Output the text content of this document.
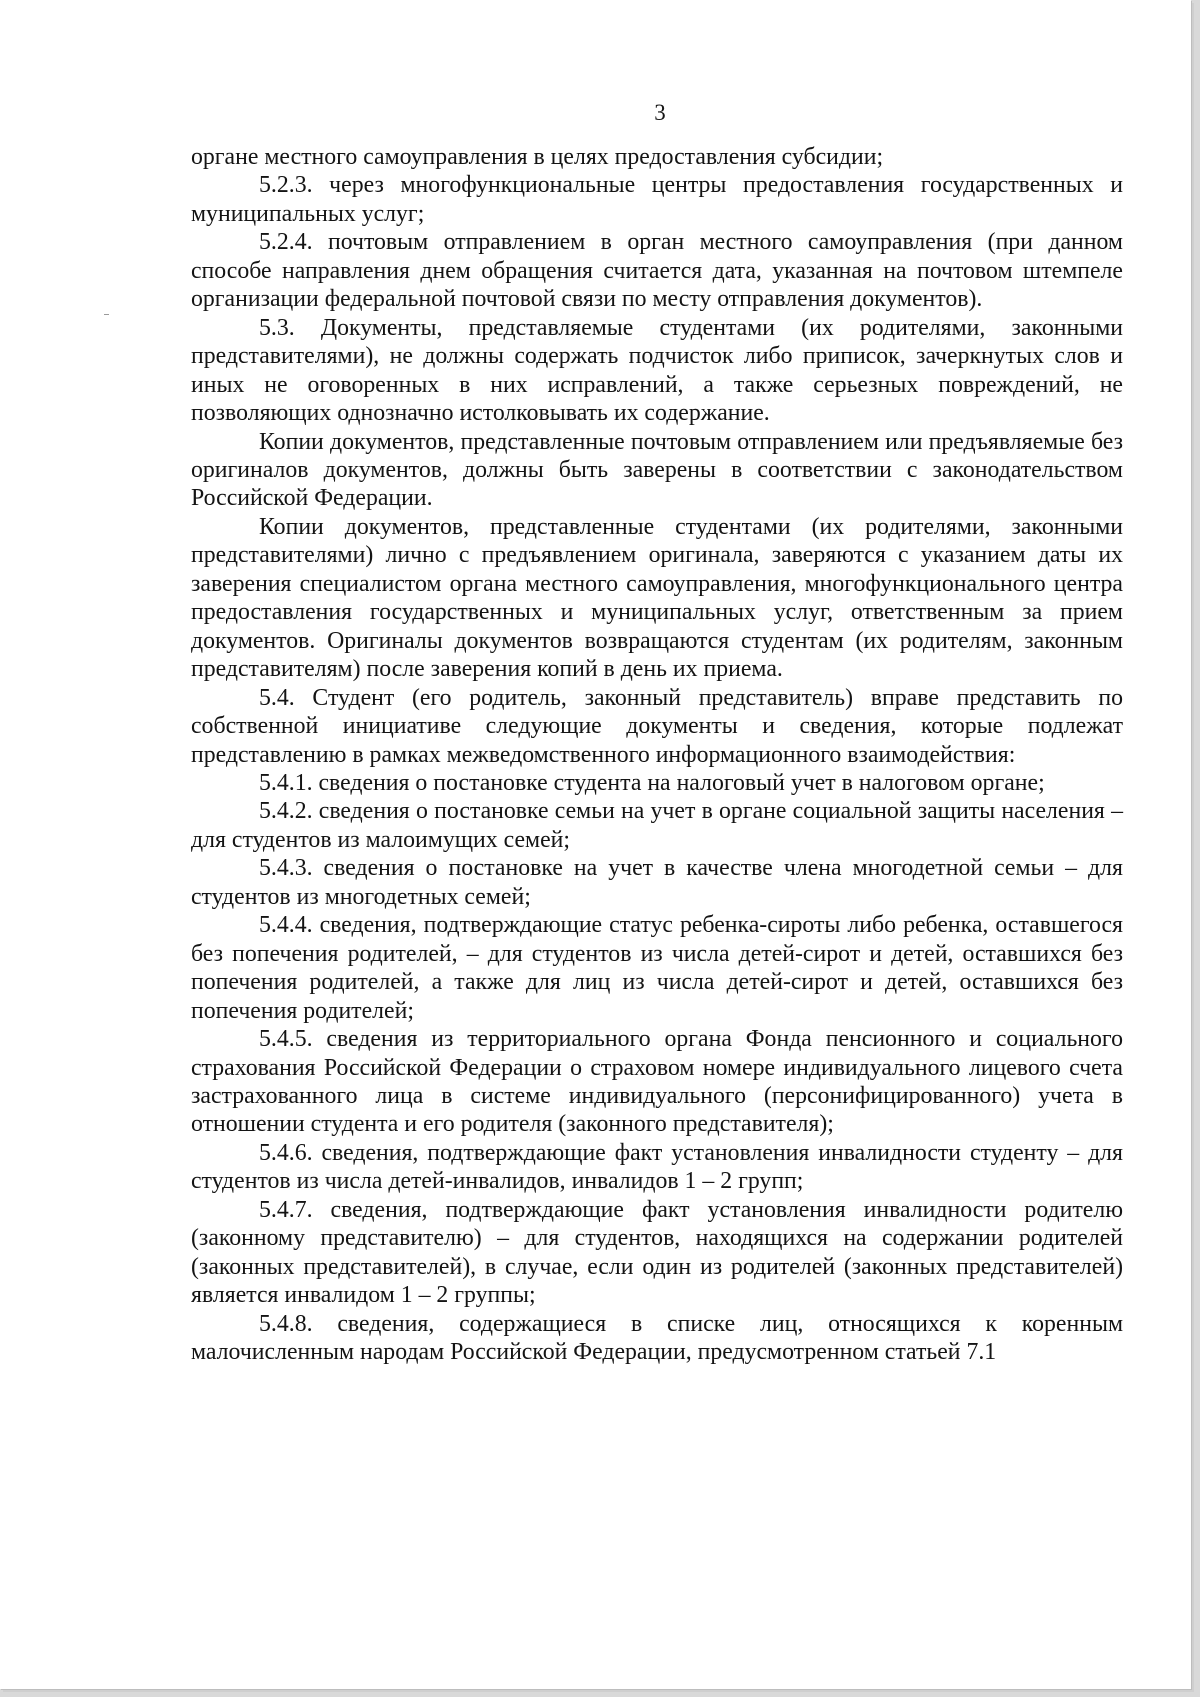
3

органе местного самоуправления в целях предоставления субсидии;

5.2.3. через многофункциональные центры предоставления государственных и муниципальных услуг;

5.2.4. почтовым отправлением в орган местного самоуправления (при данном способе направления днем обращения считается дата, указанная на почтовом штемпеле организации федеральной почтовой связи по месту отправления документов).

5.3. Документы, представляемые студентами (их родителями, законными представителями), не должны содержать подчисток либо приписок, зачеркнутых слов и иных не оговоренных в них исправлений, а также серьезных повреждений, не позволяющих однозначно истолковывать их содержание.

Копии документов, представленные почтовым отправлением или предъявляемые без оригиналов документов, должны быть заверены в соответствии с законодательством Российской Федерации.

Копии документов, представленные студентами (их родителями, законными представителями) лично с предъявлением оригинала, заверяются с указанием даты их заверения специалистом органа местного самоуправления, многофункционального центра предоставления государственных и муниципальных услуг, ответственным за прием документов. Оригиналы документов возвращаются студентам (их родителям, законным представителям) после заверения копий в день их приема.

5.4. Студент (его родитель, законный представитель) вправе представить по собственной инициативе следующие документы и сведения, которые подлежат представлению в рамках межведомственного информационного взаимодействия:

5.4.1. сведения о постановке студента на налоговый учет в налоговом органе;

5.4.2. сведения о постановке семьи на учет в органе социальной защиты населения – для студентов из малоимущих семей;

5.4.3. сведения о постановке на учет в качестве члена многодетной семьи – для студентов из многодетных семей;

5.4.4. сведения, подтверждающие статус ребенка-сироты либо ребенка, оставшегося без попечения родителей, – для студентов из числа детей-сирот и детей, оставшихся без попечения родителей, а также для лиц из числа детей-сирот и детей, оставшихся без попечения родителей;

5.4.5. сведения из территориального органа Фонда пенсионного и социального страхования Российской Федерации о страховом номере индивидуального лицевого счета застрахованного лица в системе индивидуального (персонифицированного) учета в отношении студента и его родителя (законного представителя);

5.4.6. сведения, подтверждающие факт установления инвалидности студенту – для студентов из числа детей-инвалидов, инвалидов 1 – 2 групп;

5.4.7. сведения, подтверждающие факт установления инвалидности родителю (законному представителю) – для студентов, находящихся на содержании родителей (законных представителей), в случае, если один из родителей (законных представителей) является инвалидом 1 – 2 группы;

5.4.8. сведения, содержащиеся в списке лиц, относящихся к коренным малочисленным народам Российской Федерации, предусмотренном статьей 7.1
